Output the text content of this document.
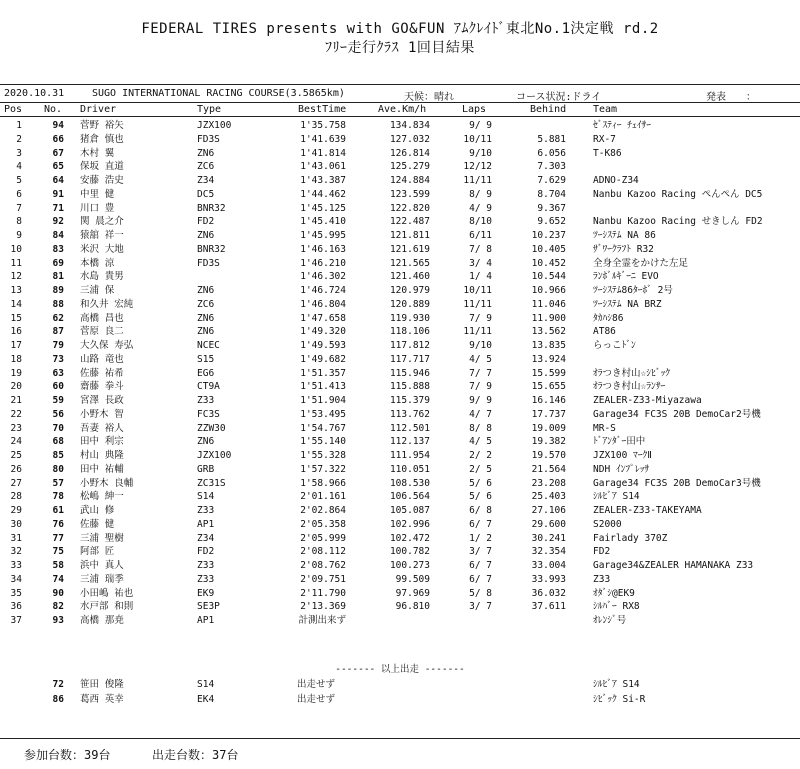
FEDERAL TIRES presents with GO&FUN ｱﾑｸﾚｲﾄﾞ東北No.1決定戦 rd.2
ﾌﾘｰ走行ｸﾗｽ 1回目結果
2020.10.31	SUGO INTERNATIONAL RACING COURSE(3.5865km)	天候：晴れ	コース状況:ドライ	発表　　：
Pos No. Driver	Type	BestTime	Ave.Km/h	Laps	Behind	Team
1	94 菅野 裕矢	JZX100	1'35.758	134.834	9/ 9	ｾﾞｽﾃｨｰ ﾁｪｲｻｰ
2	66 猪倉 慎也	FD3S	1'41.639	127.032	10/11	5.881	RX-7
3	67 木村 翼	ZN6	1'41.814	126.814	9/10	6.056	T-K86
4	65 保坂 直道	ZC6	1'43.061	125.279	12/12	7.303
5	64 安藤 浩史	Z34	1'43.387	124.884	11/11	7.629	ADNO-Z34
6	91 中里 健	DC5	1'44.462	123.599	8/ 9	8.704	Nanbu Kazoo Racing ぺんぺん DC5
7	71 川口 豊	BNR32	1'45.125	122.820	4/ 9	9.367
8	92 関 晨之介	FD2	1'45.410	122.487	8/10	9.652	Nanbu Kazoo Racing せきしん FD2
9	84 猿舘 祥一	ZN6	1'45.995	121.811	6/11	10.237	ﾂｰｼｽﾃﾑ NA 86
10	83 米沢 大地	BNR32	1'46.163	121.619	7/ 8	10.405	ｻﾞﾜｰｸﾗﾌﾄ R32
11	69 本橋 涼	FD3S	1'46.210	121.565	3/ 4	10.452	全身全霊をかけた左足
12	81 水島 貴男	1'46.302	121.460	1/ 4	10.544	ﾗﾝﾎﾞﾙｷﾞｰﾆ EVO
13	89 三浦 保	ZN6	1'46.724	120.979	10/11	10.966	ﾂｰｼｽﾃﾑ86ﾀｰﾎﾞ 2号
14	88 和久井 宏純	ZC6	1'46.804	120.889	11/11	11.046	ﾂｰｼｽﾃﾑ NA BRZ
15	62 高橋 昌也	ZN6	1'47.658	119.930	7/ 9	11.900	ﾀｶﾊｼ86
16	87 菅原 良二	ZN6	1'49.320	118.106	11/11	13.562	AT86
17	79 大久保 寿弘	NCEC	1'49.593	117.812	9/10	13.835	らっこﾄﾞﾝ
18	73 山路 竜也	S15	1'49.682	117.717	4/ 5	13.924
19	63 佐藤 祐希	EG6	1'51.357	115.946	7/ 7	15.599	ｵﾗつき村山☆ｼﾋﾞｯｸ
20	60 齋藤 拳斗	CT9A	1'51.413	115.888	7/ 9	15.655	ｵﾗつき村山☆ﾗﾝｻｰ
21	59 宮澤 長政	Z33	1'51.904	115.379	9/ 9	16.146	ZEALER-Z33-Miyazawa
22	56 小野木 智	FC3S	1'53.495	113.762	4/ 7	17.737	Garage34 FC3S 20B DemoCar2号機
23	70 吾妻 裕人	ZZW30	1'54.767	112.501	8/ 8	19.009	MR-S
24	68 田中 利宗	ZN6	1'55.140	112.137	4/ 5	19.382	ﾄﾞｱﾝﾀﾞｰ田中
25	85 村山 典隆	JZX100	1'55.328	111.954	2/ 2	19.570	JZX100 ﾏｰｸⅡ
26	80 田中 祐輔	GRB	1'57.322	110.051	2/ 5	21.564	NDH ｲﾝﾌﾟﾚｯｻ
27	57 小野木 良輔	ZC31S	1'58.966	108.530	5/ 6	23.208	Garage34 FC3S 20B DemoCar3号機
28	78 松嶋 紳一	S14	2'01.161	106.564	5/ 6	25.403	ｼﾙﾋﾞｱ S14
29	61 武山 修	Z33	2'02.864	105.087	6/ 8	27.106	ZEALER-Z33-TAKEYAMA
30	76 佐藤 健	AP1	2'05.358	102.996	6/ 7	29.600	S2000
31	77 三浦 聖樹	Z34	2'05.999	102.472	1/ 2	30.241	Fairlady 370Z
32	75 阿部 匠	FD2	2'08.112	100.782	3/ 7	32.354	FD2
33	58 浜中 真人	Z33	2'08.762	100.273	6/ 7	33.004	Garage34&ZEALER HAMANAKA Z33
34	74 三浦 瑞季	Z33	2'09.751	99.509	6/ 7	33.993	Z33
35	90 小田嶋 祐也	EK9	2'11.790	97.969	5/ 8	36.032	ｵﾀﾞｼ@EK9
36	82 水戸部 和則	SE3P	2'13.369	96.810	3/ 7	37.611	ｼﾙﾊﾞｰ RX8
37	93 高橋 那尭	AP1	計測出来ず	ｵﾚﾝｼﾞ号
------- 以上出走 -------
72 笹田 俊隆	S14	出走せず	ｼﾙﾋﾞｱ S14
86 葛西 英幸	EK4	出走せず	ｼﾋﾞｯｸ Si-R
参加台数：39台	出走台数：37台
